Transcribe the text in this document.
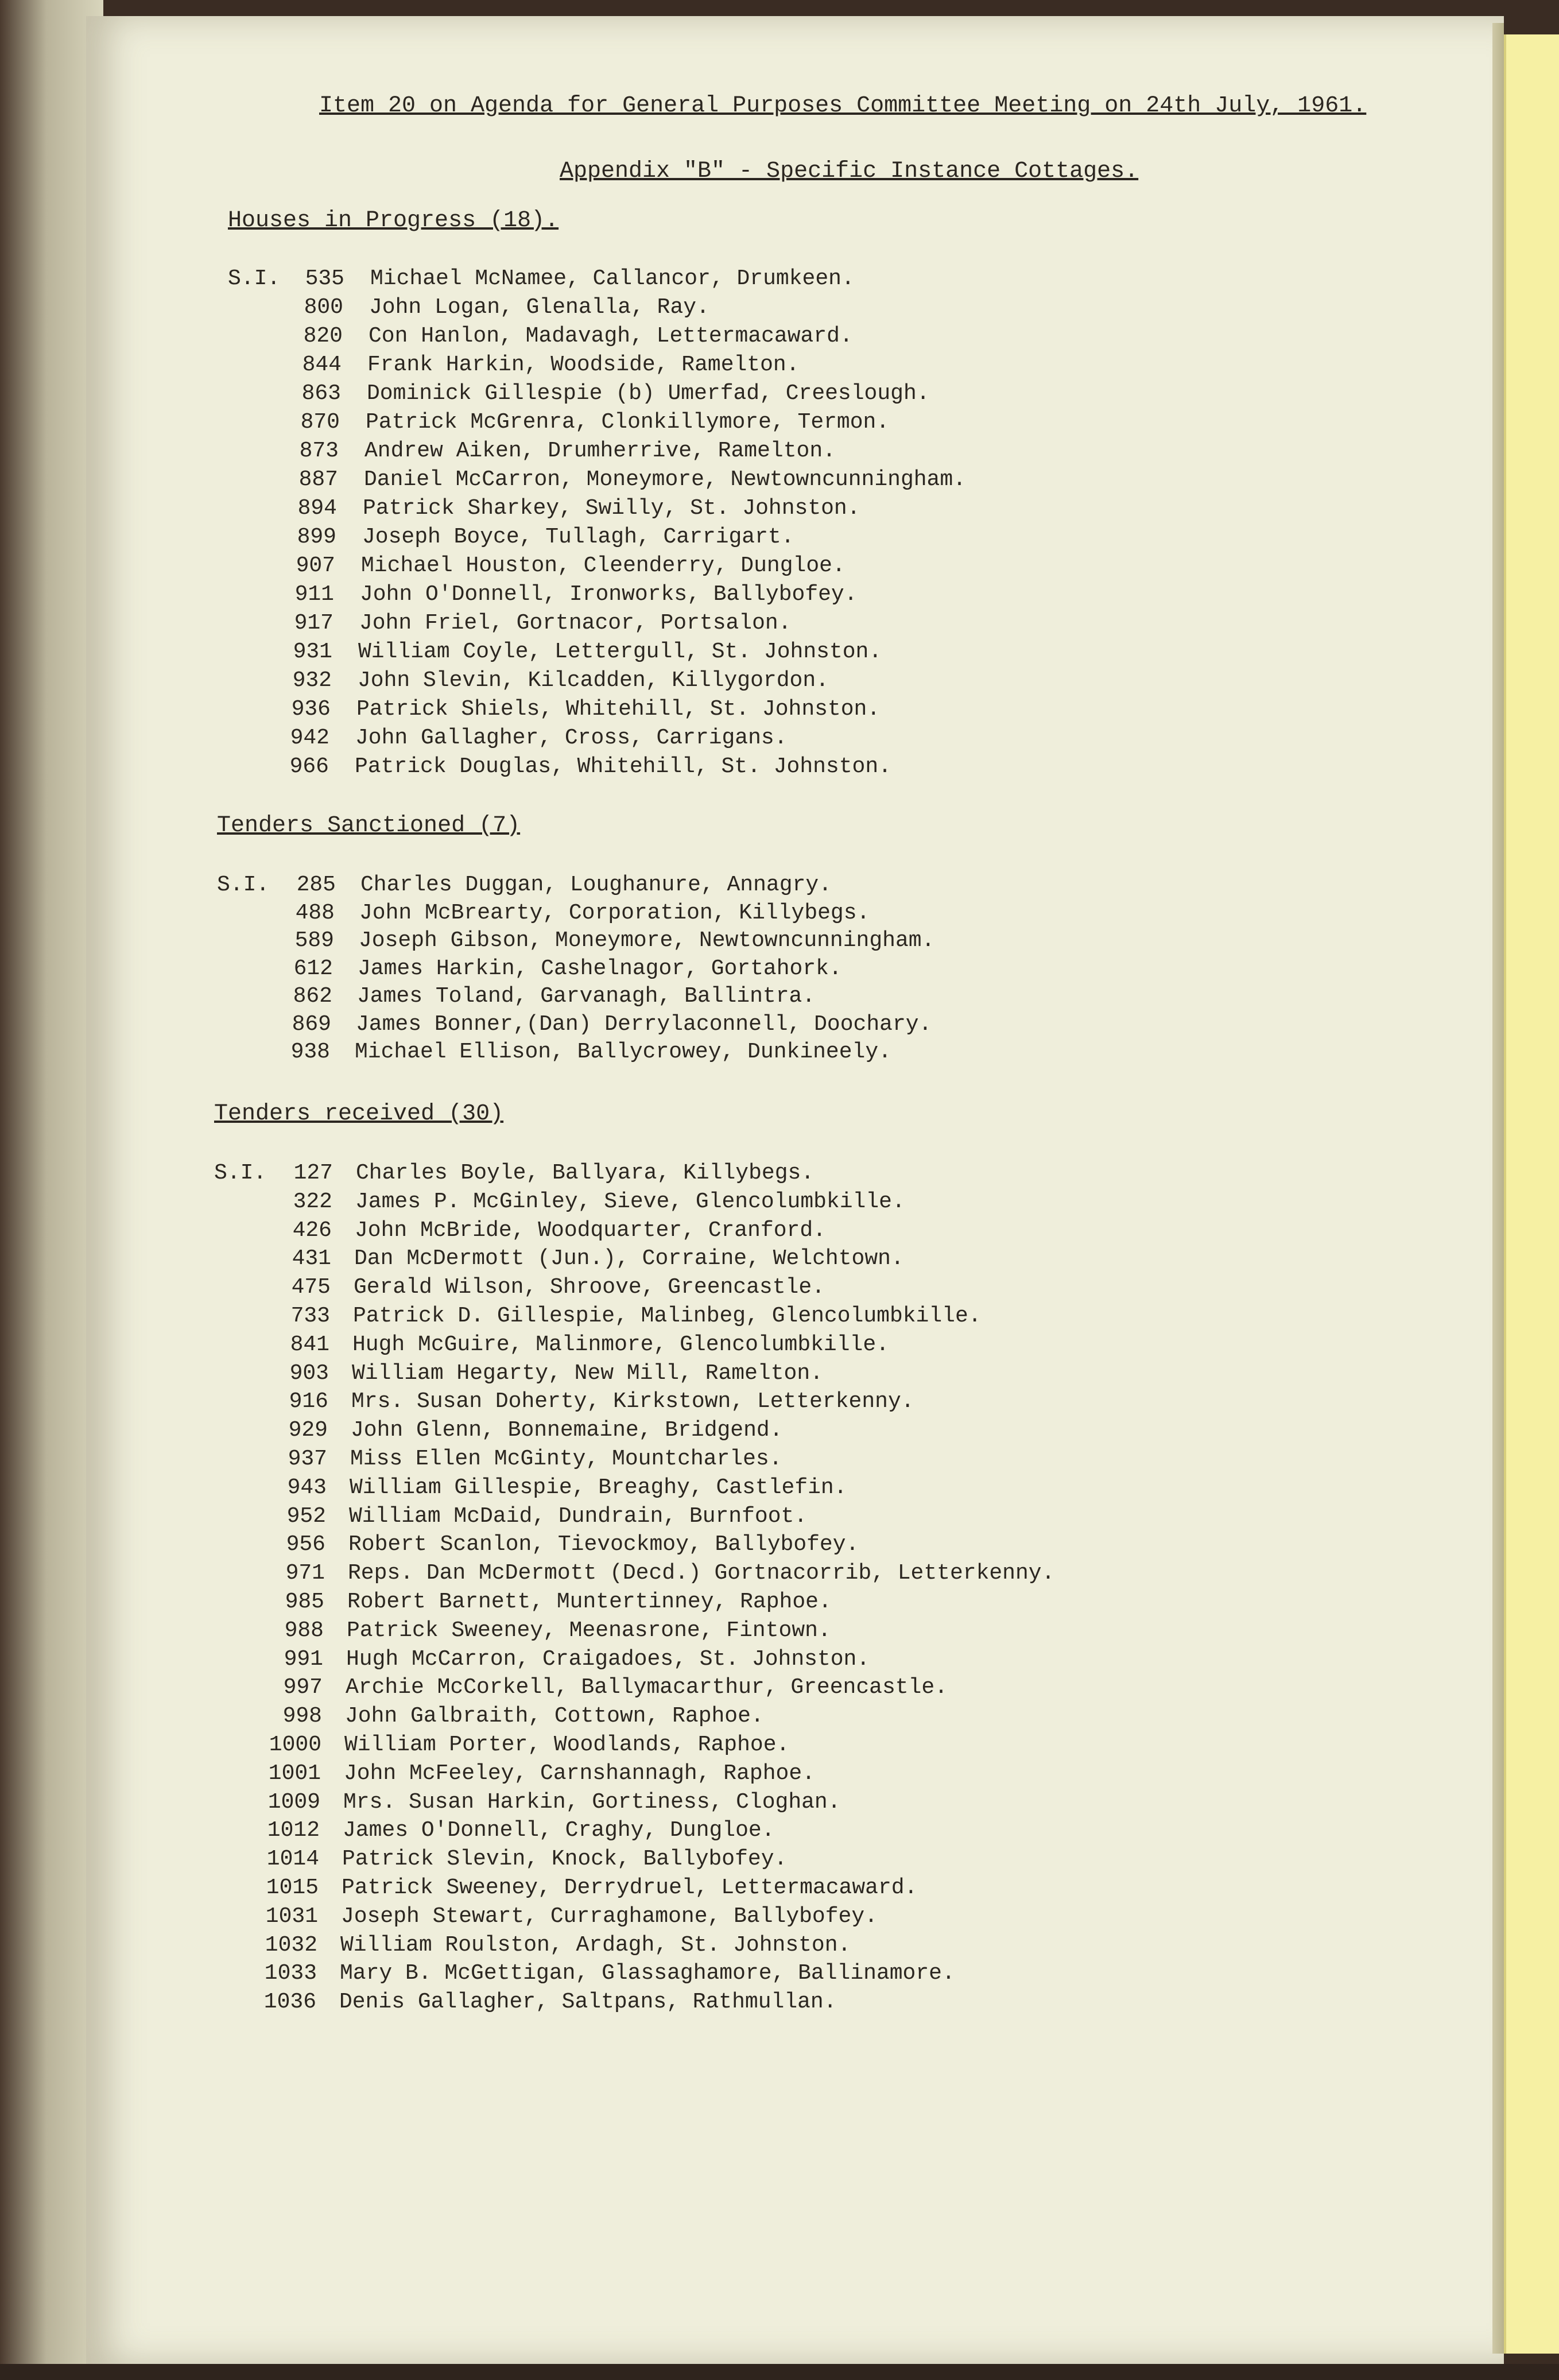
Item 20 on Agenda for General Purposes Committee Meeting on 24th July, 1961.
Appendix "B" - Specific Instance Cottages.
Houses in Progress (18).
S.I.	535 Michael McNamee, Callancor, Drumkeen.
800 John Logan, Glenalla, Ray.
820 Con Hanlon, Madavagh, Lettermacaward.
844 Frank Harkin, Woodside, Ramelton.
863 Dominick Gillespie (b) Umerfad, Creeslough.
870 Patrick McGrenra, Clonkillymore, Termon.
873 Andrew Aiken, Drumherrive, Ramelton.
887 Daniel McCarron, Moneymore, Newtowncunningham.
894 Patrick Sharkey, Swilly, St. Johnston.
899 Joseph Boyce, Tullagh, Carrigart.
907 Michael Houston, Cleenderry, Dungloe.
911 John O'Donnell, Ironworks, Ballybofey.
917 John Friel, Gortnacor, Portsalon.
931 William Coyle, Lettergull, St. Johnston.
932 John Slevin, Kilcadden, Killygordon.
936 Patrick Shiels, Whitehill, St. Johnston.
942 John Gallagher, Cross, Carrigans.
966 Patrick Douglas, Whitehill, St. Johnston.
Tenders Sanctioned (7)
S.I.	285 Charles Duggan, Loughanure, Annagry.
488 John McBrearty, Corporation, Killybegs.
589 Joseph Gibson, Moneymore, Newtowncunningham.
612 James Harkin, Cashelnagor, Gortahork.
862 James Toland, Garvanagh, Ballintra.
869 James Bonner,(Dan) Derrylaconnell, Doochary.
938 Michael Ellison, Ballycrowey, Dunkineely.
Tenders received (30)
S.I.	127 Charles Boyle, Ballyara, Killybegs.
322 James P. McGinley, Sieve, Glencolumbkille.
426 John McBride, Woodquarter, Cranford.
431 Dan McDermott (Jun.), Corraine, Welchtown.
475 Gerald Wilson, Shroove, Greencastle.
733 Patrick D. Gillespie, Malinbeg, Glencolumbkille.
841 Hugh McGuire, Malinmore, Glencolumbkille.
903 William Hegarty, New Mill, Ramelton.
916 Mrs. Susan Doherty, Kirkstown, Letterkenny.
929 John Glenn, Bonnemaine, Bridgend.
937 Miss Ellen McGinty, Mountcharles.
943 William Gillespie, Breaghy, Castlefin.
952 William McDaid, Dundrain, Burnfoot.
956 Robert Scanlon, Tievockmoy, Ballybofey.
971 Reps. Dan McDermott (Decd.) Gortnacorrib, Letterkenny.
985 Robert Barnett, Muntertinney, Raphoe.
988 Patrick Sweeney, Meenasrone, Fintown.
991 Hugh McCarron, Craigadoes, St. Johnston.
997 Archie McCorkell, Ballymacarthur, Greencastle.
998 John Galbraith, Cottown, Raphoe.
1000 William Porter, Woodlands, Raphoe.
1001 John McFeeley, Carnshannagh, Raphoe.
1009 Mrs. Susan Harkin, Gortiness, Cloghan.
1012 James O'Donnell, Craghy, Dungloe.
1014 Patrick Slevin, Knock, Ballybofey.
1015 Patrick Sweeney, Derrydruel, Lettermacaward.
1031 Joseph Stewart, Curraghamone, Ballybofey.
1032 William Roulston, Ardagh, St. Johnston.
1033 Mary B. McGettigan, Glassaghamore, Ballinamore.
1036 Denis Gallagher, Saltpans, Rathmullan.
